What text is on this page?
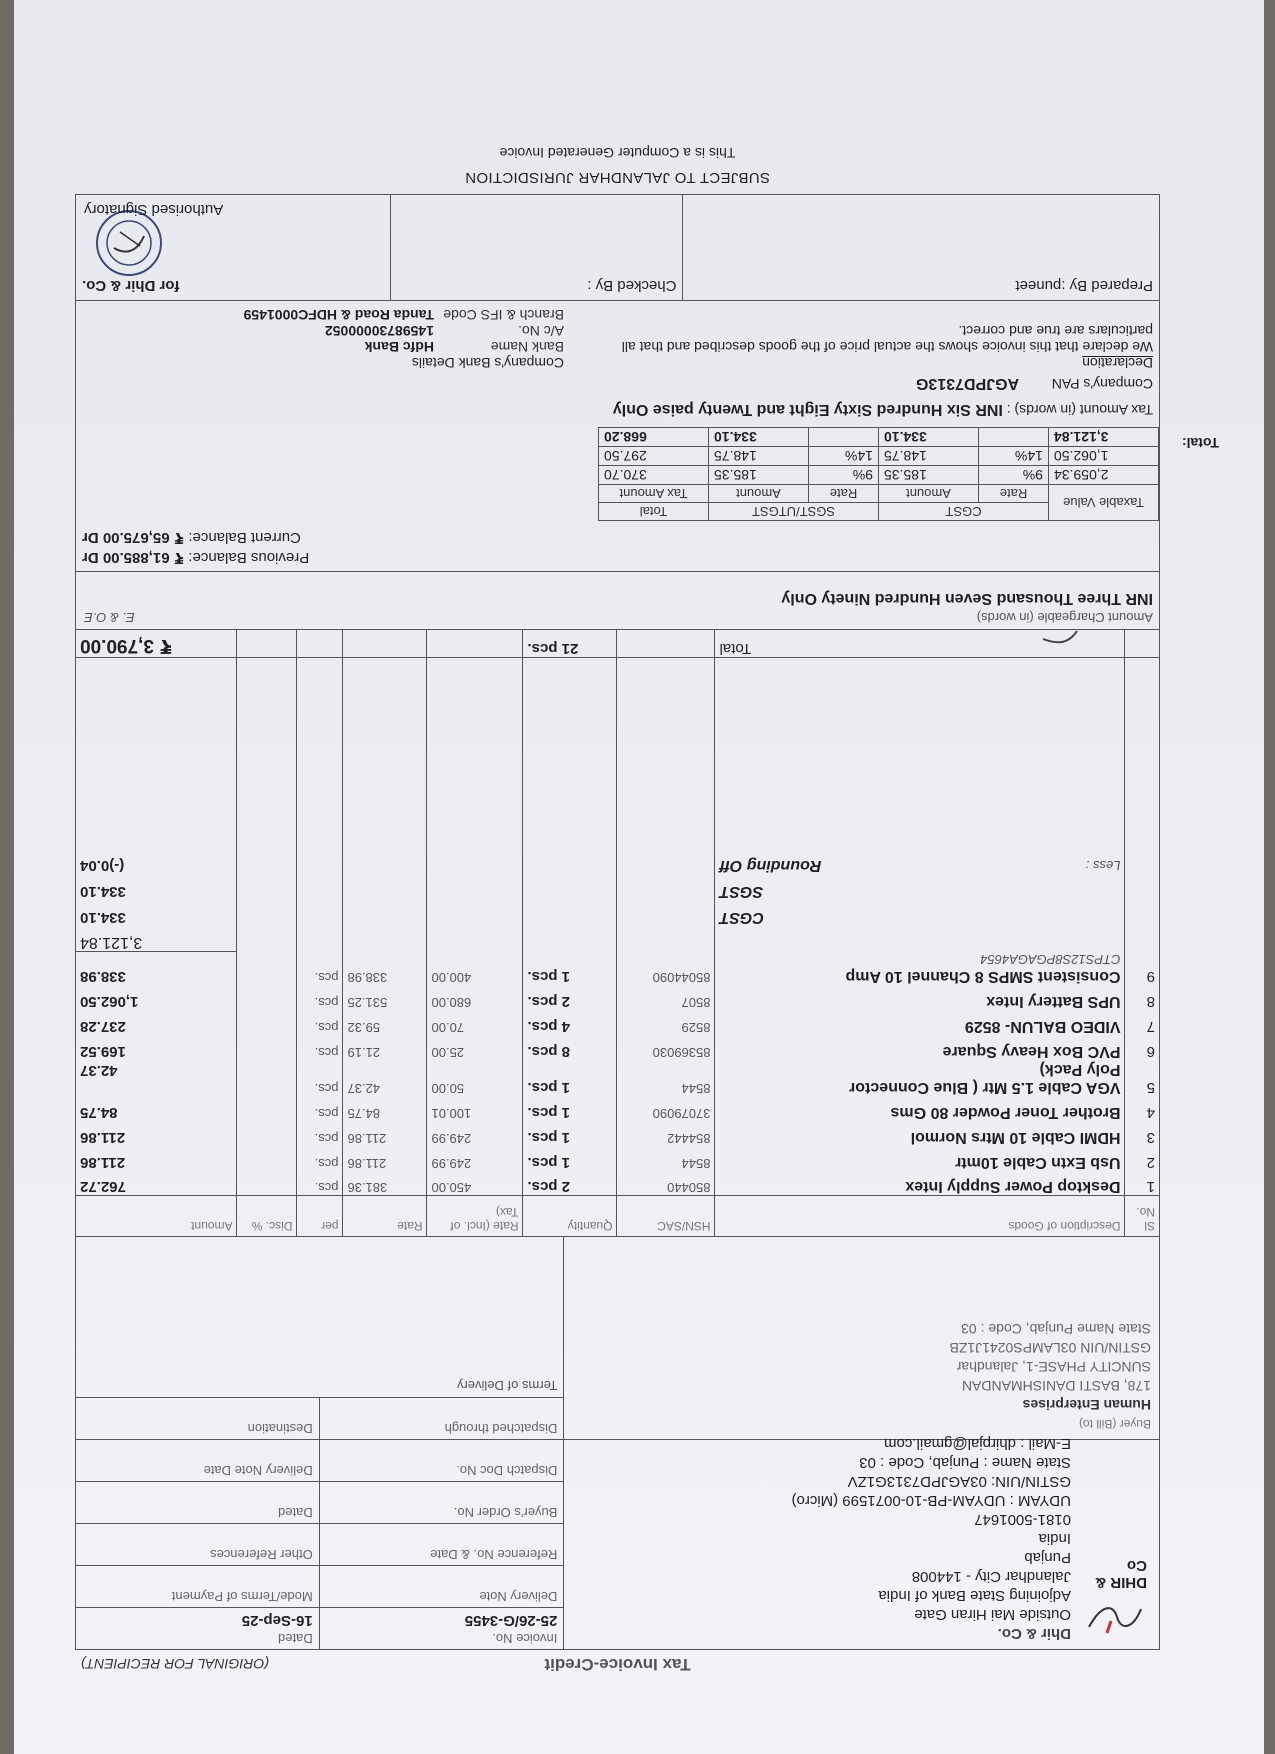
Tax Invoice-Credit
(ORIGINAL FOR RECIPIENT)
DHIR & Co
Dhir & Co.
Outside Mai Hiran Gate
Adjoining State Bank of India
Jalandhar City - 144008
Punjab
India
0181-5001647
UDYAM : UDYAM-PB-10-0071599 (Micro)
GSTIN/UIN: 03AGJPD7313G1ZV
State Name : Punjab, Code : 03
E-Mail : dhirpjal@gmail.com
Buyer (Bill to)
Human Enterprises
178, BASTI DANISHMANDAN
SUNCITY PHASE-1, Jalandhar
GSTIN/UIN 03LAMPS0241J1ZB
State Name Punjab, Code : 03
Invoice No.
25-26/G-3455
Dated
16-Sep-25
Delivery Note
Mode/Terms of Payment
Reference No. & Date
Other References
Buyer's Order No.
Dated
Dispatch Doc No.
Delivery Note Date
Dispatched through
Destination
Terms of Delivery
Sl No.	Description of Goods	HSN/SAC	Quantity	Rate (Incl. of Tax)	Rate	per	Disc. %	Amount
1	Desktop Power Supply Intex	850440	2 pcs.	450.00	381.36	pcs.		762.72
2	Usb Extn Cable 10mtr	8544	1 pcs.	249.99	211.86	pcs.		211.86
3	HDMI Cable 10 Mtrs Normol	854442	1 pcs.	249.99	211.86	pcs.		211.86
4	Brother Toner Powder 80 Gms	37079090	1 pcs.	100.01	84.75	pcs.		84.75
5	VGA Cable 1.5 Mtr ( Blue Connector
Poly Pack)	8544	1 pcs.	50.00	42.37	pcs.		42.37

6	PVC Box Heavy Square	85369030	8 pcs.	25.00	21.19	pcs.		169.52
7	VIDEO BALUN- 8529	8529	4 pcs.	70.00	59.32	pcs.		237.28
8	UPS Battery Intex	8507	2 pcs.	680.00	531.25	pcs.		1,062.50
9	Consistent SMPS 8 Channel 10 Amp
CTPS12S8PGAGA4654	85044090	1 pcs.	400.00	338.98	pcs.		338.98
								3,121.84
	CGST							334.10
	SGST							334.10
	Less :
Rounding Off							(-)0.04

	Total		21 pcs.					₹ 3,790.00
Amount Chargeable (in words)
INR Three Thousand Seven Hundred Ninety Only
E. & O.E
Previous Balance: ₹ 61,885.00 Dr
Current Balance: ₹ 65,675.00 Dr
Taxable Value	CGST		SGST/UTGST		Total	
	Rate	Amount	Rate	Amount	Tax Amount	
2,059.34	9%	185.35	9%	185.35	370.70	
1,062.50	14%	148.75	14%	148.75	297.50	
3,121.84		334.10		334.10	668.20		Total:
Tax Amount (in words) : INR Six Hundred Sixty Eight and Twenty paise Only
Company's PAN AGJPD7313G
Declaration
We declare that this invoice shows the actual price of the goods described and that all particulars are true and correct.
Company's Bank Details
Bank Name
Hdfc Bank
A/c No.
14598730000052
Branch & IFS Code
Tanda Road & HDFC0001459
Prepared By :puneet
Checked By :
for Dhir & Co.
Authorised Signatory
SUBJECT TO JALANDHAR JURISDICTION
This is a Computer Generated Invoice
